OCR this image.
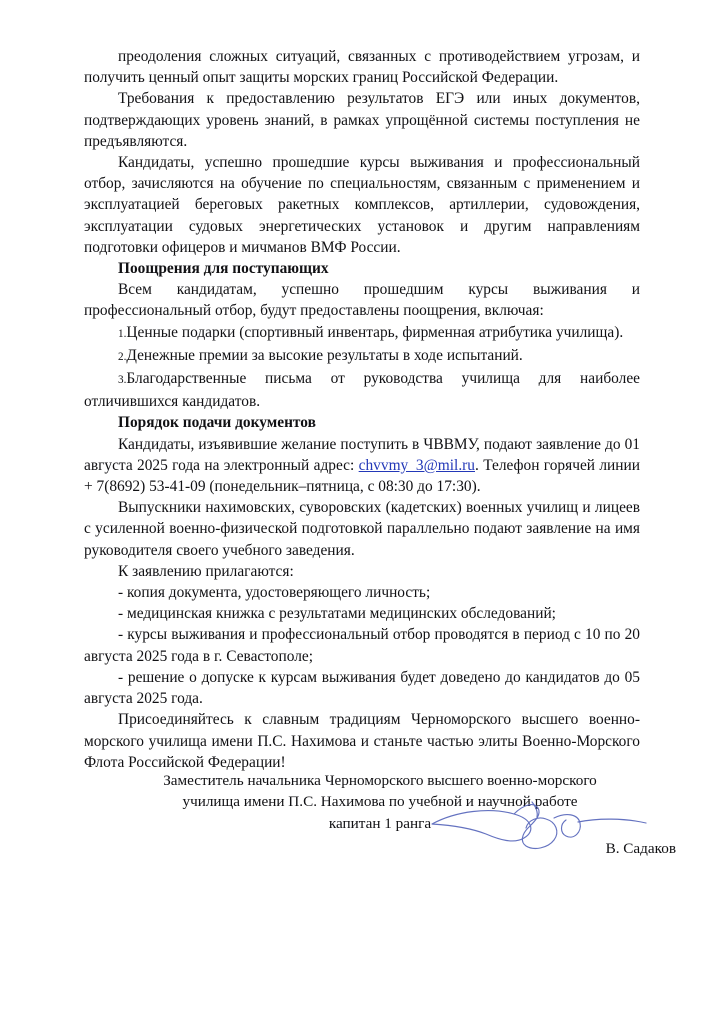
преодоления сложных ситуаций, связанных с противодействием угрозам, и получить ценный опыт защиты морских границ Российской Федерации.

Требования к предоставлению результатов ЕГЭ или иных документов, подтверждающих уровень знаний, в рамках упрощённой системы поступления не предъявляются.

Кандидаты, успешно прошедшие курсы выживания и профессиональный отбор, зачисляются на обучение по специальностям, связанным с применением и эксплуатацией береговых ракетных комплексов, артиллерии, судовождения, эксплуатации судовых энергетических установок и другим направлениям подготовки офицеров и мичманов ВМФ России.

Поощрения для поступающих

Всем кандидатам, успешно прошедшим курсы выживания и профессиональный отбор, будут предоставлены поощрения, включая:

1.Ценные подарки (спортивный инвентарь, фирменная атрибутика училища).

2.Денежные премии за высокие результаты в ходе испытаний.

3.Благодарственные письма от руководства училища для наиболее отличившихся кандидатов.

Порядок подачи документов

Кандидаты, изъявившие желание поступить в ЧВВМУ, подают заявление до 01 августа 2025 года на электронный адрес: chvvmy_3@mil.ru. Телефон горячей линии + 7(8692) 53-41-09 (понедельник–пятница, с 08:30 до 17:30).

Выпускники нахимовских, суворовских (кадетских) военных училищ и лицеев с усиленной военно-физической подготовкой параллельно подают заявление на имя руководителя своего учебного заведения.

К заявлению прилагаются:

- копия документа, удостоверяющего личность;

- медицинская книжка с результатами медицинских обследований;

- курсы выживания и профессиональный отбор проводятся в период с 10 по 20 августа 2025 года в г. Севастополе;

- решение о допуске к курсам выживания будет доведено до кандидатов до 05 августа 2025 года.

Присоединяйтесь к славным традициям Черноморского высшего военно-морского училища имени П.С. Нахимова и станьте частью элиты Военно-Морского Флота Российской Федерации!

Заместитель начальника Черноморского высшего военно-морского
училища имени П.С. Нахимова по учебной и научной работе
капитан 1 ранга
В. Садаков
